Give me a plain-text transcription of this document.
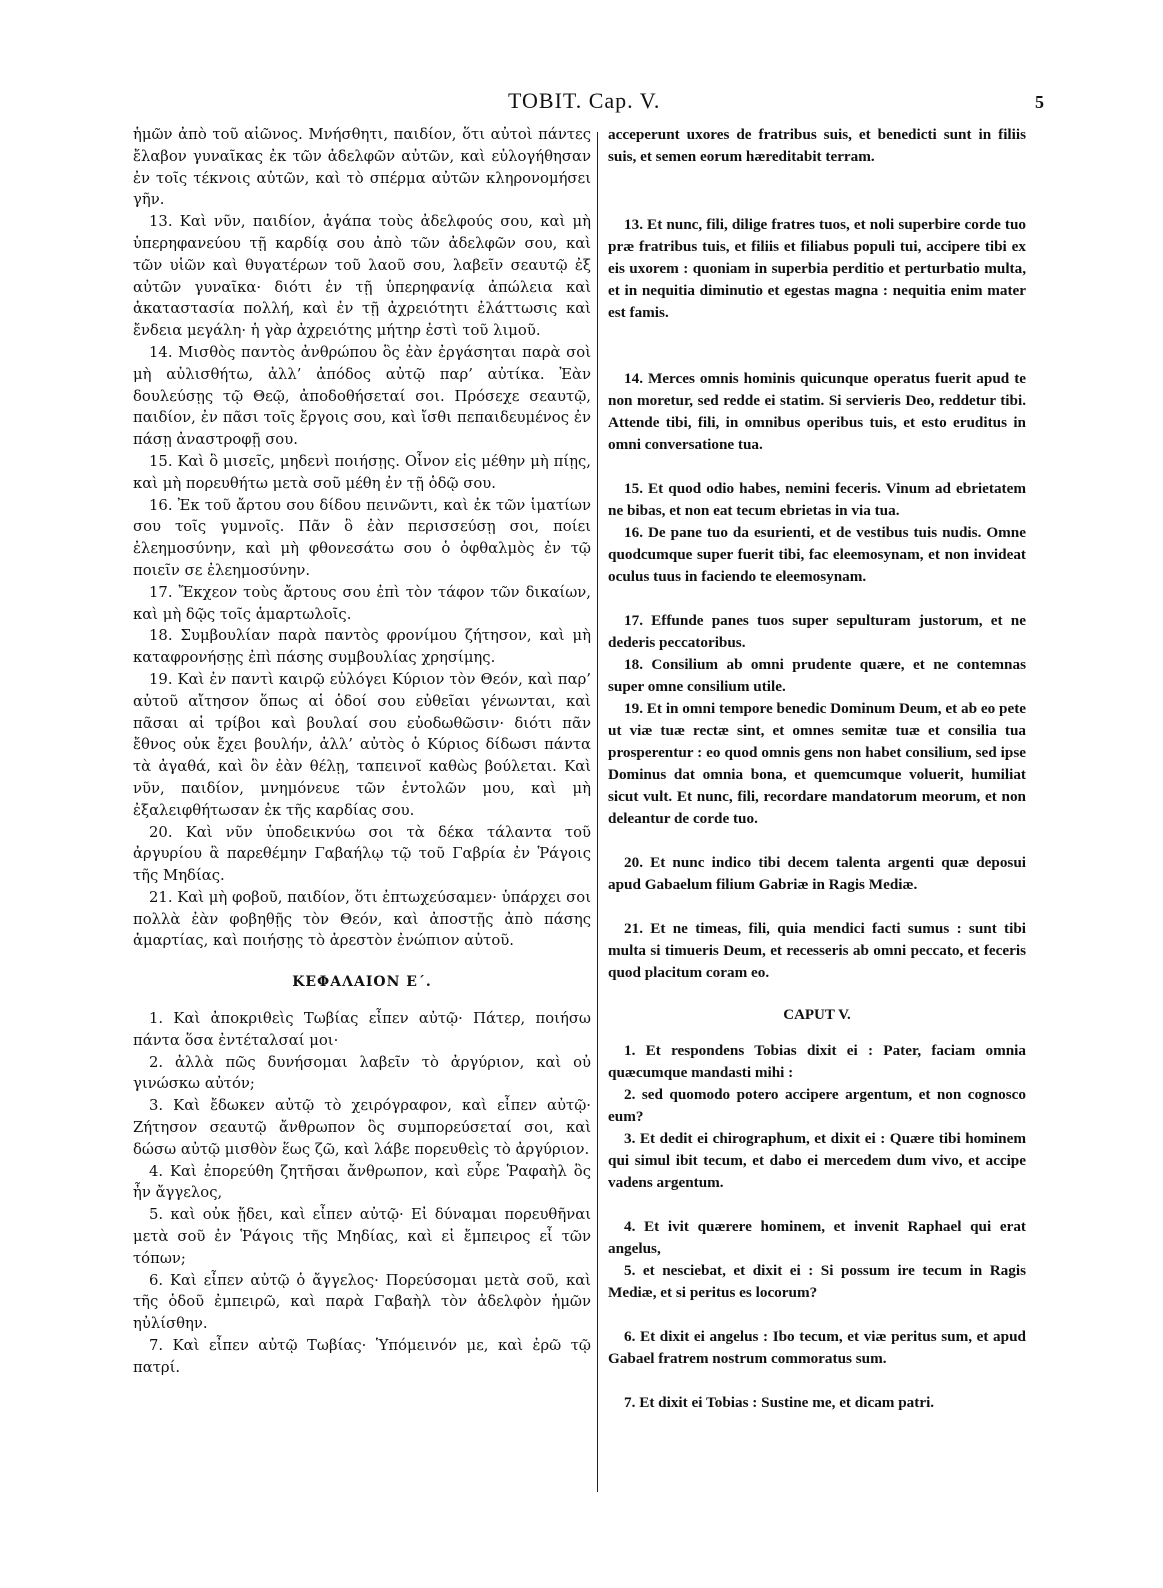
TOBIT. Cap. V.	5

ἡμῶν ἀπὸ τοῦ αἰῶνος. Μνήσθητι, παιδίον, ὅτι αὐτοὶ πάντες ἔλαβον γυναῖκας ἐκ τῶν ἀδελφῶν αὐτῶν, καὶ εὐλογήθησαν ἐν τοῖς τέκνοις αὐτῶν, καὶ τὸ σπέρμα αὐτῶν κληρονομήσει γῆν.

13. Καὶ νῦν, παιδίον, ἀγάπα τοὺς ἀδελφούς σου, καὶ μὴ ὑπερηφανεύου τῇ καρδίᾳ σου ἀπὸ τῶν ἀδελφῶν σου, καὶ τῶν υἱῶν καὶ θυγατέρων τοῦ λαοῦ σου, λαβεῖν σεαυτῷ ἐξ αὐτῶν γυναῖκα· διότι ἐν τῇ ὑπερηφανίᾳ ἀπώλεια καὶ ἀκαταστασία πολλή, καὶ ἐν τῇ ἀχρειότητι ἐλάττωσις καὶ ἔνδεια μεγάλη· ἡ γὰρ ἀχρειότης μήτηρ ἐστὶ τοῦ λιμοῦ.

14. Μισθὸς παντὸς ἀνθρώπου ὃς ἐὰν ἐργάσηται παρὰ σοὶ μὴ αὐλισθήτω, ἀλλ’ ἀπόδος αὐτῷ παρ’ αὐτίκα. Ἐὰν δουλεύσῃς τῷ Θεῷ, ἀποδοθήσεταί σοι. Πρόσεχε σεαυτῷ, παιδίον, ἐν πᾶσι τοῖς ἔργοις σου, καὶ ἴσθι πεπαιδευμένος ἐν πάσῃ ἀναστροφῇ σου.

15. Καὶ ὃ μισεῖς, μηδενὶ ποιήσῃς. Οἶνον εἰς μέθην μὴ πίῃς, καὶ μὴ πορευθήτω μετὰ σοῦ μέθη ἐν τῇ ὁδῷ σου.

16. Ἐκ τοῦ ἄρτου σου δίδου πεινῶντι, καὶ ἐκ τῶν ἱματίων σου τοῖς γυμνοῖς. Πᾶν ὃ ἐὰν περισσεύσῃ σοι, ποίει ἐλεημοσύνην, καὶ μὴ φθονεσάτω σου ὁ ὀφθαλμὸς ἐν τῷ ποιεῖν σε ἐλεημοσύνην.

17. Ἔκχεον τοὺς ἄρτους σου ἐπὶ τὸν τάφον τῶν δικαίων, καὶ μὴ δῷς τοῖς ἁμαρτωλοῖς.

18. Συμβουλίαν παρὰ παντὸς φρονίμου ζήτησον, καὶ μὴ καταφρονήσῃς ἐπὶ πάσης συμβουλίας χρησίμης.

19. Καὶ ἐν παντὶ καιρῷ εὐλόγει Κύριον τὸν Θεόν, καὶ παρ’ αὐτοῦ αἴτησον ὅπως αἱ ὁδοί σου εὐθεῖαι γένωνται, καὶ πᾶσαι αἱ τρίβοι καὶ βουλαί σου εὐοδωθῶσιν· διότι πᾶν ἔθνος οὐκ ἔχει βουλήν, ἀλλ’ αὐτὸς ὁ Κύριος δίδωσι πάντα τὰ ἀγαθά, καὶ ὃν ἐὰν θέλῃ, ταπεινοῖ καθὼς βούλεται. Καὶ νῦν, παιδίον, μνημόνευε τῶν ἐντολῶν μου, καὶ μὴ ἐξαλειφθήτωσαν ἐκ τῆς καρδίας σου.

20. Καὶ νῦν ὑποδεικνύω σοι τὰ δέκα τάλαντα τοῦ ἀργυρίου ἃ παρεθέμην Γαβαήλῳ τῷ τοῦ Γαβρία ἐν Ῥάγοις τῆς Μηδίας.

21. Καὶ μὴ φοβοῦ, παιδίον, ὅτι ἐπτωχεύσαμεν· ὑπάρχει σοι πολλὰ ἐὰν φοβηθῇς τὸν Θεόν, καὶ ἀποστῇς ἀπὸ πάσης ἁμαρτίας, καὶ ποιήσῃς τὸ ἀρεστὸν ἐνώπιον αὐτοῦ.

ΚΕΦΑΛΑΙΟΝ Ε΄.

1. Καὶ ἀποκριθεὶς Τωβίας εἶπεν αὐτῷ· Πάτερ, ποιήσω πάντα ὅσα ἐντέταλσαί μοι·

2. ἀλλὰ πῶς δυνήσομαι λαβεῖν τὸ ἀργύριον, καὶ οὐ γινώσκω αὐτόν;

3. Καὶ ἔδωκεν αὐτῷ τὸ χειρόγραφον, καὶ εἶπεν αὐτῷ· Ζήτησον σεαυτῷ ἄνθρωπον ὃς συμπορεύσεταί σοι, καὶ δώσω αὐτῷ μισθὸν ἕως ζῶ, καὶ λάβε πορευθεὶς τὸ ἀργύριον.

4. Καὶ ἐπορεύθη ζητῆσαι ἄνθρωπον, καὶ εὗρε Ῥαφαὴλ ὃς ἦν ἄγγελος,

5. καὶ οὐκ ᾔδει, καὶ εἶπεν αὐτῷ· Εἰ δύναμαι πορευθῆναι μετὰ σοῦ ἐν Ῥάγοις τῆς Μηδίας, καὶ εἰ ἔμπειρος εἶ τῶν τόπων;

6. Καὶ εἶπεν αὐτῷ ὁ ἄγγελος· Πορεύσομαι μετὰ σοῦ, καὶ τῆς ὁδοῦ ἐμπειρῶ, καὶ παρὰ Γαβαὴλ τὸν ἀδελφὸν ἡμῶν ηὐλίσθην.

7. Καὶ εἶπεν αὐτῷ Τωβίας· Ὑπόμεινόν με, καὶ ἐρῶ τῷ πατρί.

acceperunt uxores de fratribus suis, et benedicti sunt in filiis suis, et semen eorum hæreditabit terram.

13. Et nunc, fili, dilige fratres tuos, et noli superbire corde tuo præ fratribus tuis, et filiis et filiabus populi tui, accipere tibi ex eis uxorem : quoniam in superbia perditio et perturbatio multa, et in nequitia diminutio et egestas magna : nequitia enim mater est famis.

14. Merces omnis hominis quicunque operatus fuerit apud te non moretur, sed redde ei statim. Si servieris Deo, reddetur tibi. Attende tibi, fili, in omnibus operibus tuis, et esto eruditus in omni conversatione tua.

15. Et quod odio habes, nemini feceris. Vinum ad ebrietatem ne bibas, et non eat tecum ebrietas in via tua.

16. De pane tuo da esurienti, et de vestibus tuis nudis. Omne quodcumque super fuerit tibi, fac eleemosynam, et non invideat oculus tuus in faciendo te eleemosynam.

17. Effunde panes tuos super sepulturam justorum, et ne dederis peccatoribus.

18. Consilium ab omni prudente quære, et ne contemnas super omne consilium utile.

19. Et in omni tempore benedic Dominum Deum, et ab eo pete ut viæ tuæ rectæ sint, et omnes semitæ tuæ et consilia tua prosperentur : eo quod omnis gens non habet consilium, sed ipse Dominus dat omnia bona, et quemcumque voluerit, humiliat sicut vult. Et nunc, fili, recordare mandatorum meorum, et non deleantur de corde tuo.

20. Et nunc indico tibi decem talenta argenti quæ deposui apud Gabaelum filium Gabriæ in Ragis Mediæ.

21. Et ne timeas, fili, quia mendici facti sumus : sunt tibi multa si timueris Deum, et recesseris ab omni peccato, et feceris quod placitum coram eo.

CAPUT V.

1. Et respondens Tobias dixit ei : Pater, faciam omnia quæcumque mandasti mihi :

2. sed quomodo potero accipere argentum, et non cognosco eum?

3. Et dedit ei chirographum, et dixit ei : Quære tibi hominem qui simul ibit tecum, et dabo ei mercedem dum vivo, et accipe vadens argentum.

4. Et ivit quærere hominem, et invenit Raphael qui erat angelus,

5. et nesciebat, et dixit ei : Si possum ire tecum in Ragis Mediæ, et si peritus es locorum?

6. Et dixit ei angelus : Ibo tecum, et viæ peritus sum, et apud Gabael fratrem nostrum commoratus sum.

7. Et dixit ei Tobias : Sustine me, et dicam patri.
